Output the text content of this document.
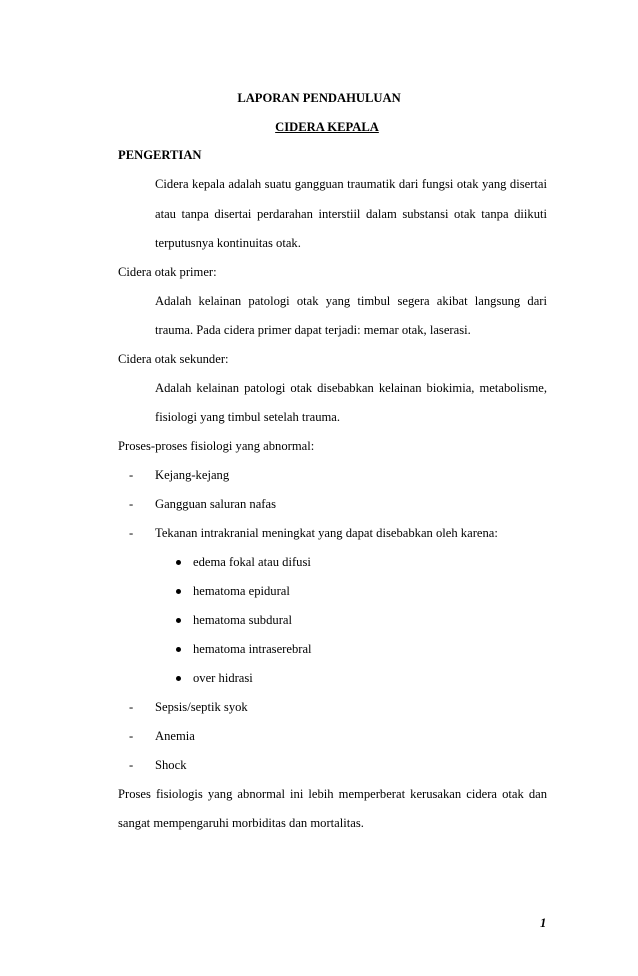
LAPORAN PENDAHULUAN
CIDERA KEPALA
PENGERTIAN
Cidera kepala adalah suatu gangguan traumatik dari fungsi otak yang disertai
atau tanpa disertai perdarahan interstiil dalam substansi otak tanpa diikuti
terputusnya kontinuitas otak.
Cidera otak primer:
Adalah kelainan patologi otak yang timbul segera akibat langsung dari
trauma. Pada cidera primer dapat terjadi: memar otak, laserasi.
Cidera otak sekunder:
Adalah kelainan patologi otak disebabkan kelainan biokimia, metabolisme,
fisiologi yang timbul setelah trauma.
Proses-proses fisiologi yang abnormal:
- Kejang-kejang
- Gangguan saluran nafas
- Tekanan intrakranial meningkat yang dapat disebabkan oleh karena:
edema fokal atau difusi
hematoma epidural
hematoma subdural
hematoma intraserebral
over hidrasi
- Sepsis/septik syok
- Anemia
- Shock
Proses fisiologis yang abnormal ini lebih memperberat kerusakan cidera otak dan
sangat mempengaruhi morbiditas dan mortalitas.
1
